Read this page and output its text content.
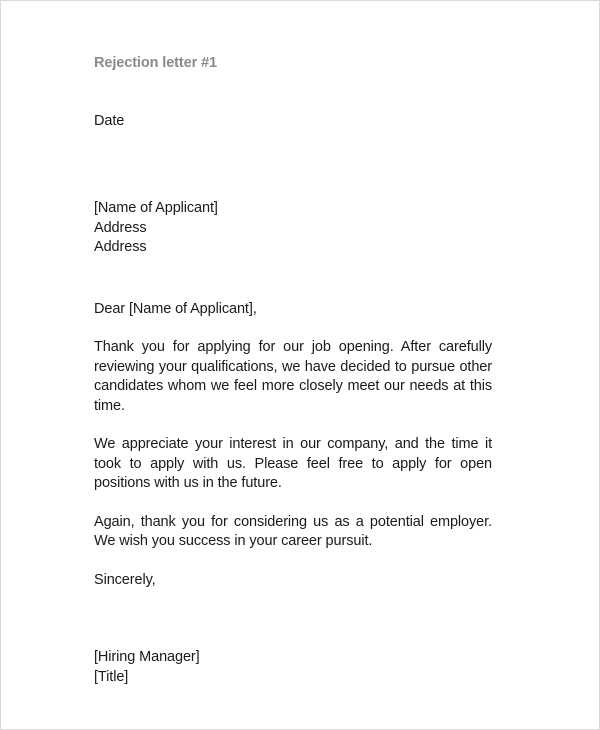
Rejection letter #1

Date

[Name of Applicant]
Address
Address

Dear [Name of Applicant],

Thank you for applying for our job opening. After carefully reviewing your qualifications, we have decided to pursue other candidates whom we feel more closely meet our needs at this time.

We appreciate your interest in our company, and the time it took to apply with us. Please feel free to apply for open positions with us in the future.

Again, thank you for considering us as a potential employer. We wish you success in your career pursuit.

Sincerely,

[Hiring Manager]
[Title]
